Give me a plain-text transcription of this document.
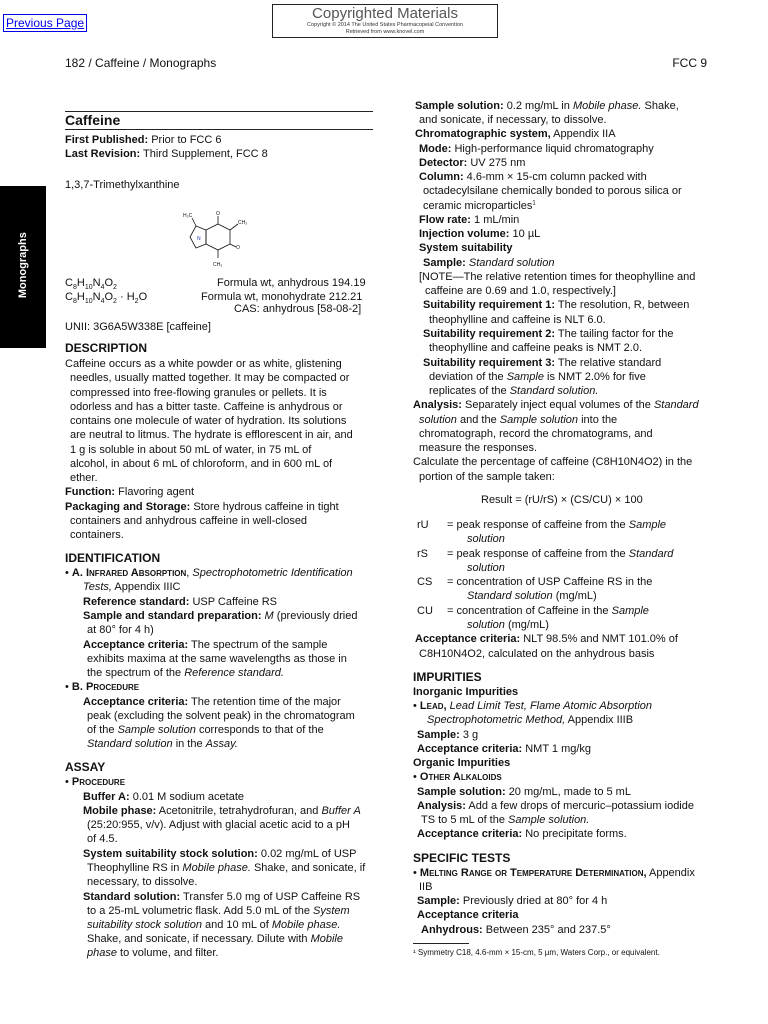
Previous Page
Copyrighted Materials
Copyright © 2014 The United States Pharmacopeial Convention
Retrieved from www.knovel.com
182 / Caffeine / Monographs	FCC 9
Monographs
Caffeine
First Published: Prior to FCC 6
Last Revision: Third Supplement, FCC 8
1,3,7-Trimethylxanthine
$C_8H_{10}N_4O_2$	Formula wt, anhydrous 194.19
$C_8H_{10}N_4O_2 \cdot H_2O$	Formula wt, monohydrate 212.21
CAS: anhydrous [58-08-2]
UNII: 3G6A5W338E [caffeine]
DESCRIPTION
Caffeine occurs as a white powder or as white, glistening
needles, usually matted together. It may be compacted or
compressed into free-flowing granules or pellets. It is
odorless and has a bitter taste. Caffeine is anhydrous or
contains one molecule of water of hydration. Its solutions
are neutral to litmus. The hydrate is efflorescent in air, and
1 g is soluble in about 50 mL of water, in 75 mL of
alcohol, in about 6 mL of chloroform, and in 600 mL of
ether.
Function: Flavoring agent
Packaging and Storage: Store hydrous caffeine in tight
containers and anhydrous caffeine in well-closed
containers.
IDENTIFICATION
• A. Infrared Absorption, Spectrophotometric Identification
Tests, Appendix IIIC
Reference standard: USP Caffeine RS
Sample and standard preparation: M (previously dried
at 80° for 4 h)
Acceptance criteria: The spectrum of the sample
exhibits maxima at the same wavelengths as those in
the spectrum of the Reference standard.
• B. Procedure
Acceptance criteria: The retention time of the major
peak (excluding the solvent peak) in the chromatogram
of the Sample solution corresponds to that of the
Standard solution in the Assay.
ASSAY
• Procedure
Buffer A: 0.01 M sodium acetate
Mobile phase: Acetonitrile, tetrahydrofuran, and Buffer A
(25:20:955, v/v). Adjust with glacial acetic acid to a pH
of 4.5.
System suitability stock solution: 0.02 mg/mL of USP
Theophylline RS in Mobile phase. Shake, and sonicate, if
necessary, to dissolve.
Standard solution: Transfer 5.0 mg of USP Caffeine RS
to a 25-mL volumetric flask. Add 5.0 mL of the System
suitability stock solution and 10 mL of Mobile phase.
Shake, and sonicate, if necessary. Dilute with Mobile
phase to volume, and filter.
H₃C
CH₃
CH₃
O
O
N
Sample solution: 0.2 mg/mL in Mobile phase. Shake,
and sonicate, if necessary, to dissolve.
Chromatographic system, Appendix IIA
Mode: High-performance liquid chromatography
Detector: UV 275 nm
Column: 4.6-mm × 15-cm column packed with
octadecylsilane chemically bonded to porous silica or
ceramic microparticles$^1$
Flow rate: 1 mL/min
Injection volume: 10 µL
System suitability
Sample: Standard solution
[NOTE—The relative retention times for theophylline and
caffeine are 0.69 and 1.0, respectively.]
Suitability requirement 1: The resolution, R, between
theophylline and caffeine is NLT 6.0.
Suitability requirement 2: The tailing factor for the
theophylline and caffeine peaks is NMT 2.0.
Suitability requirement 3: The relative standard
deviation of the Sample is NMT 2.0% for five
replicates of the Standard solution.
Analysis: Separately inject equal volumes of the Standard
solution and the Sample solution into the
chromatograph, record the chromatograms, and
measure the responses.
Calculate the percentage of caffeine (C8H10N4O2) in the
portion of the sample taken:
Result = (rU/rS) × (CS/CU) × 100
rU = peak response of caffeine from the Sample
solution
rS = peak response of caffeine from the Standard
solution
CS = concentration of USP Caffeine RS in the
Standard solution (mg/mL)
CU = concentration of Caffeine in the Sample
solution (mg/mL)
Acceptance criteria: NLT 98.5% and NMT 101.0% of
C8H10N4O2, calculated on the anhydrous basis
IMPURITIES
Inorganic Impurities
• Lead, Lead Limit Test, Flame Atomic Absorption
Spectrophotometric Method, Appendix IIIB
Sample: 3 g
Acceptance criteria: NMT 1 mg/kg
Organic Impurities
• Other Alkaloids
Sample solution: 20 mg/mL, made to 5 mL
Analysis: Add a few drops of mercuric–potassium iodide
TS to 5 mL of the Sample solution.
Acceptance criteria: No precipitate forms.
SPECIFIC TESTS
• Melting Range or Temperature Determination, Appendix
IIB
Sample: Previously dried at 80° for 4 h
Acceptance criteria
Anhydrous: Between 235° and 237.5°
¹ Symmetry C18, 4.6-mm × 15-cm, 5 µm, Waters Corp., or equivalent.
